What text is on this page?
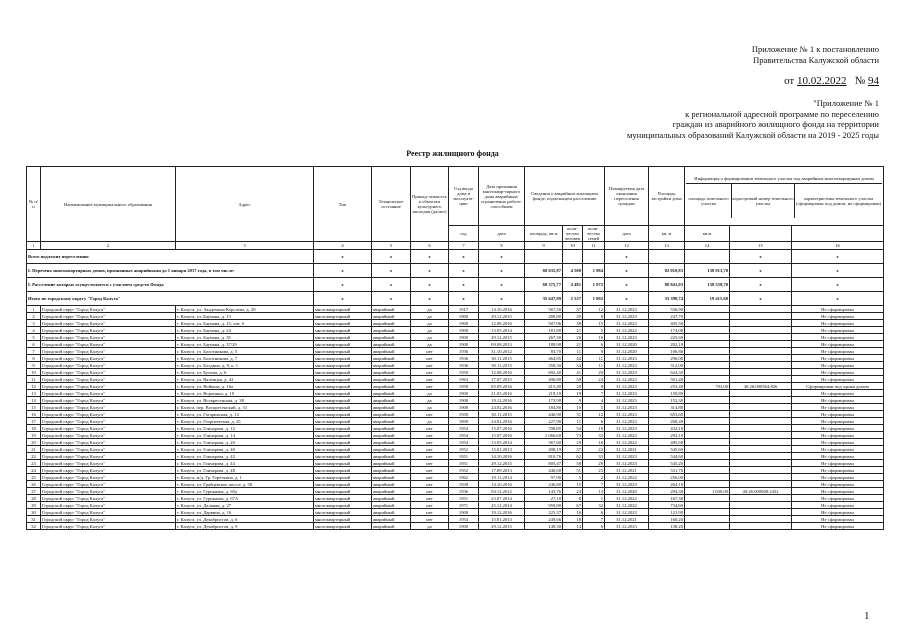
Приложение № 1 к постановлению
Правительства Калужской области
от 10.02.2022 № 94
"Приложение № 1
к региональной адресной программе по переселению
граждан из аварийного жилищного фонда на территории
муниципальных образований Калужской области на 2019 - 2025 годы
Реестр жилищного фонда
№ п/п	Наименование муниципального образования	Адрес	Тип	Техническое состояние	Принад-лежность к объектам культурного наследия (да/нет)	Год ввода дома в эксплуата-цию	Дата признания многоквар-тирного дома аварийным/ ограниченно работо-способным	Сведения о аварийном жилищном фонде, подлежащем расселению			Планируемая дата окончания переселения граждан	Площадь застройки дома	Информация о формировании земельного участка под аварийным многоквартирным домом
площадь земельного участка
кадастровый номер земельного участка
характеристика земельного участка (сформирован под домом, не сформирован)		

						год	дата	площадь, кв.м	коли-чество человек	коли-чество семей	дата	кв. м	кв.м		
1	2	3	4	5	6	7	8	9	10	11	12	13	14	15	16
Всего подлежит переселению			x	x	x	x	x				x			x	x
I. Перечень многоквартирных домов, признанных аварийными до 1 января 2017 года, в том числе:			x	x	x	x	x	68 635,87	4 500	1 984	x	82 010,83	138 913,70	x	x
I. Расселение которых осуществляется с участием средств Фонда			x	x	x	x	x	68 375,77	4 481	1 972	x	80 841,03	138 559,70	x	x
Итого по городскому округу "Город Калуга"			x	x	x	x	x	35 647,99	2 537	1 092	x	35 398,74	19 415,60	x	x
1	Городской округ "Город Калуга"	г. Калуга, ул. Академика Королева, д. 28	многоквартирный	аварийный	да	1917	14.10.2016	567,50	37	12	31.12.2023	536,90			Не сформирован
2	Городской округ "Город Калуга"	г. Калуга, ул. Баумана, д. 13	многоквартирный	аварийный	да	1900	29.12.2015	288,80	20	8	31.12.2023	247,70			Не сформирован
3	Городской округ "Город Калуга"	г. Калуга, ул. Баумана, д. 15, лит. б	многоквартирный	аварийный	да	1900	12.08.2016	507,96	38	15	31.12.2023	405,50			Не сформирован
4	Городской округ "Город Калуга"	г. Калуга, ул. Баумана, д. 24	многоквартирный	аварийный	да	1900	13.05.2014	181,80	21	5	31.12.2022	174,00			Не сформирован
5	Городской округ "Город Калуга"	г. Калуга, ул. Баумана, д. 35	многоквартирный	аварийный	да	1900	29.12.2015	267,30	20	10	31.12.2023	225,60			Не сформирован
6	Городской округ "Город Калуга"	г. Калуга, ул. Баумана, д. 37/29	многоквартирный	аварийный	да	1900	09.08.2013	189,90	21	6	31.12.2020	202,10			Не сформирован
7	Городской округ "Город Калуга"	г. Калуга, ул. Болотникова, д. 5	многоквартирный	аварийный	нет	1936	31.10.2012	83,70	11	9	31.12.2020	106,80			Не сформирован
8	Городской округ "Город Калуга"	г. Калуга, ул. Болотникова, д. 7	многоквартирный	аварийный	нет	1936	30.11.2015	464,85	44	11	31.12.2023	296,00			Не сформирован
9	Городской округ "Город Калуга"	г. Калуга, ул. Болдина, д. 9, к. 1	многоквартирный	аварийный	нет	1936	30.11.2015	358,30	34	11	31.12.2023	312,00			Не сформирован
10	Городской округ "Город Калуга"	г. Калуга, ул. Бутома, д. 6	многоквартирный	аварийный	нет	1950	12.08.2016	692,40	41	20	31.12.2023	624,30			Не сформирован
11	Городской округ "Город Калуга"	г. Калуга, ул. Валенцья, д. 42	многоквартирный	аварийный	нет	1963	17.07.2015	496,80	50	24	31.12.2023	501,40			Не сформирован
12	Городской округ "Город Калуга"	г. Калуга, ул. Войкова, д. 16а	многоквартирный	аварийный	нет	1958	05.09.2016	415,40	20	8	31.12.2023	253,40	793,00	40:26:000364:826	Сформирован под одним домом
13	Городской округ "Город Калуга"	г. Калуга, ул. Воронина, д. 10	многоквартирный	аварийный	да	1900	21.03.2016	219,10	19	7	31.12.2023	150,80			Не сформирован
14	Городской округ "Город Калуга"	г. Калуга, ул. Воскресенская, д. 38	многоквартирный	аварийный	да	1900	19.12.2016	173,90	9	4	31.12.2023	152,30			Не сформирован
15	Городской округ "Город Калуга"	г. Калуга, пер. Воскресенский, д. 31	многоквартирный	аварийный	да	1900	24.02.2016	184,80	10	5	31.12.2023	314,80			Не сформирован
16	Городской округ "Город Калуга"	г. Калуга, ул. Гагаринская, д. 14	многоквартирный	аварийный	нет	1950	30.11.2015	446,90	31	12	31.12.2023	653,60			Не сформирован
17	Городской округ "Город Калуга"	г. Калуга, ул. Георгиевская, д. 25	многоквартирный	аварийный	да	1890	24.02.2016	227,90	11	6	31.12.2023	268,40			Не сформирован
18	Городской округ "Город Калуга"	г. Калуга, ул. Гончарова, д. 12	многоквартирный	аварийный	нет	1954	15.07.2016	708,85	54	19	31.12.2023	432,10			Не сформирован
19	Городской округ "Город Калуга"	г. Калуга, ул. Гончарова, д. 14	многоквартирный	аварийный	нет	1954	15.07.2016	1 066,60	73	33	31.12.2023	292,10			Не сформирован
20	Городской округ "Город Калуга"	г. Калуга, ул. Гончарова, д. 20	многоквартирный	аварийный	нет	1954	13.05.2014	367,60	29	16	31.12.2022	485,60			Не сформирован
21	Городской округ "Город Калуга"	г. Калуга, ул. Гончарова, д. 40	многоквартирный	аварийный	нет	1952	15.01.2013	498,19	37	22	31.12.2021	545,60			Не сформирован
22	Городской округ "Город Калуга"	г. Калуга, ул. Гончарова, д. 42	многоквартирный	аварийный	нет	1951	14.10.2016	810,76	62	33	31.12.2023	544,60			Не сформирован
23	Городской округ "Город Калуга"	г. Калуга, ул. Гончарова, д. 44	многоквартирный	аварийный	нет	1951	29.12.2015	805,47	58	29	31.12.2023	545,20			Не сформирован
24	Городской округ "Город Калуга"	г. Калуга, ул. Гончарова, д. 48	многоквартирный	аварийный	нет	1952	17.09.2013	440,60	51	23	31.12.2021	531,70			Не сформирован
25	Городской округ "Город Калуга"	г. Калуга, м/д. Гр. Горелкина, д. 1	многоквартирный	аварийный	нет	1962	19.11.2014	97,90	5	2	31.12.2022	256,00			Не сформирован
26	Городской округ "Город Калуга"	г. Калуга, ул. Грабцевское шоссе, д. 58	многоквартирный	аварийный	нет	1939	14.10.2016	246,80	15	7	31.12.2023	264,10			Не сформирован
27	Городской округ "Город Калуга"	г. Калуга, ул. Гурьянова, д. 65а	многоквартирный	аварийный	нет	1936	04.12.2012	143,76	24	13	31.12.2020	294,30	1 030,00	40:26:000068:2432	Не сформирован
28	Городской округ "Город Калуга"	г. Калуга, ул. Гурьянова, д. 67А	многоквартирный	аварийный	нет	1951	23.07.2014	27,10	8	1	31.12.2022	167,30			Не сформирован
29	Городской округ "Город Калуга"	г. Калуга, ул. Дальняя, д. 27	многоквартирный	аварийный	нет	1971	25.12.2014	959,80	67	32	31.12.2022	734,60			Не сформирован
30	Городской округ "Город Калуга"	г. Калуга, ул. Дарвина, д. 16	многоквартирный	аварийный	нет	1900	19.12.2016	225,37	16	6	31.12.2023	121,90			Не сформирован
31	Городской округ "Город Калуга"	г. Калуга, ул. Декабристов, д. 6	многоквартирный	аварийный	нет	1954	15.01.2013	249,66	18	7	31.12.2021	160,20			Не сформирован
32	Городской округ "Город Калуга"	г. Калуга, ул. Декабристов, д. 9	многоквартирный	аварийный	да	1900	29.12.2015	149,30	14	6	31.12.2023	138,20			Не сформирован
1
